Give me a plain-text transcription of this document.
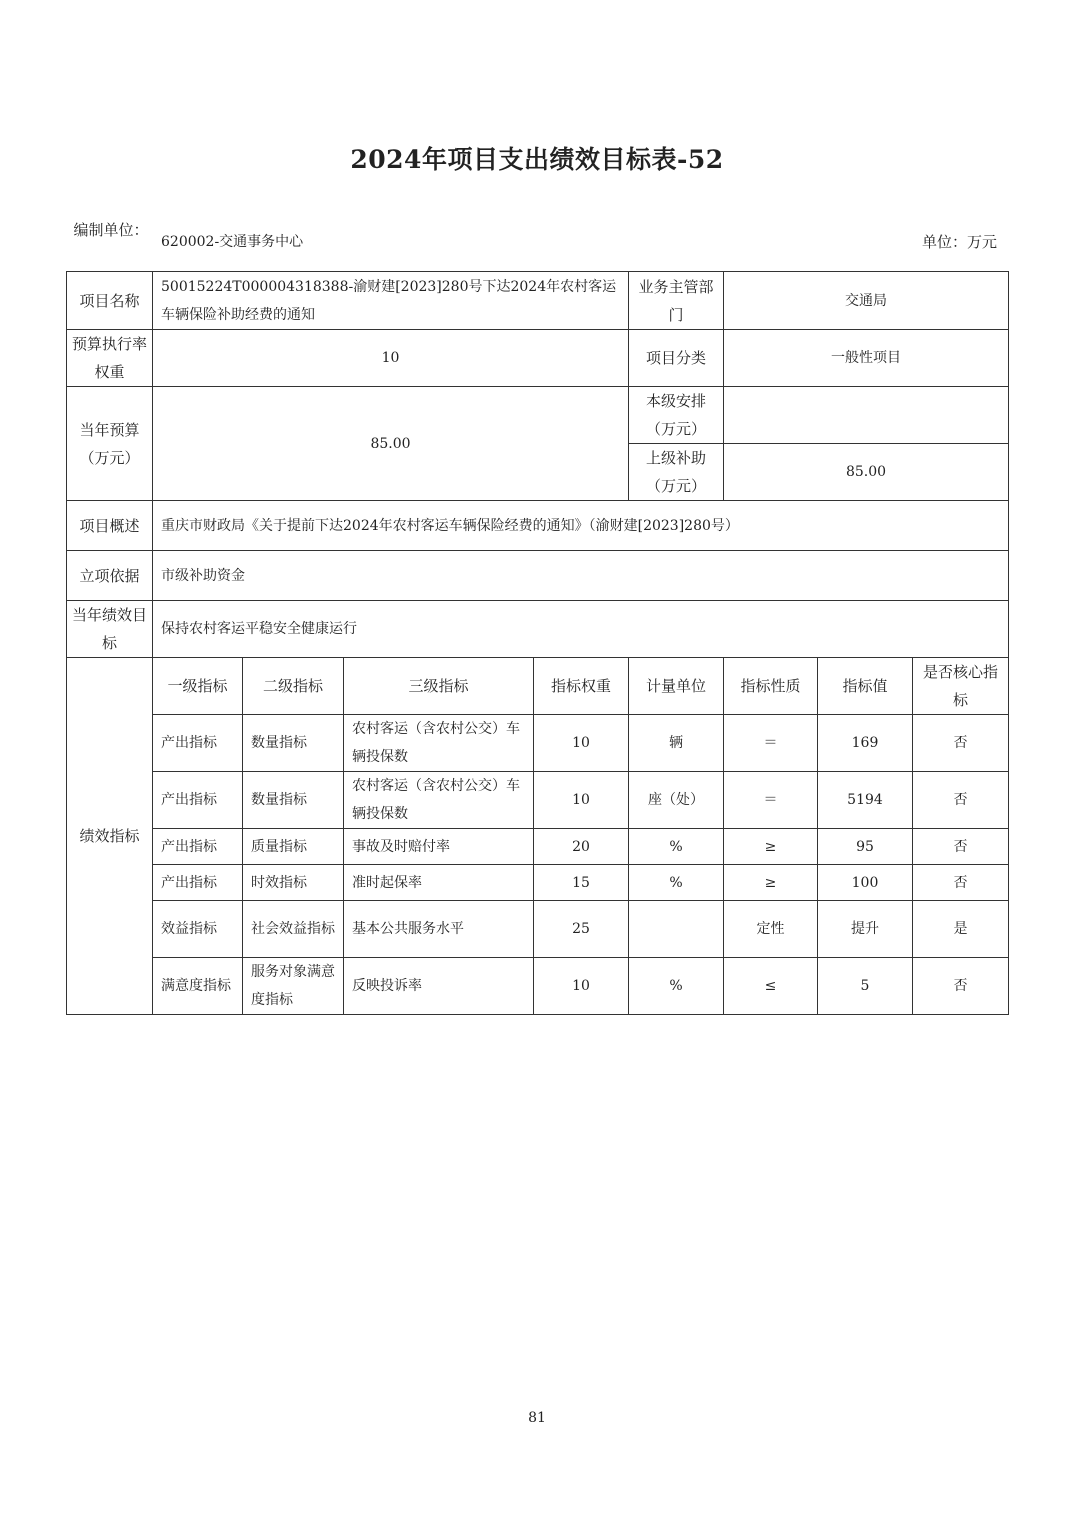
2024年项目支出绩效目标表-52
编制单位：
620002-交通事务中心	单位：万元
项目名称	50015224T000004318388-渝财建[2023]280号下达2024年农村客运车辆保险补助经费的通知				业务主管部门	交通局		
预算执行率权重	10				项目分类	一般性项目		
当年预算（万元）	85.00				本级安排（万元）			
					上级补助（万元）	85.00		
项目概述	重庆市财政局《关于提前下达2024年农村客运车辆保险经费的通知》（渝财建[2023]280号）							
立项依据	市级补助资金							
当年绩效目标	保持农村客运平稳安全健康运行							
绩效指标	一级指标	二级指标	三级指标	指标权重	计量单位	指标性质	指标值	是否核心指标
	产出指标	数量指标	农村客运（含农村公交）车辆投保数	10	辆	＝	169	否
	产出指标	数量指标	农村客运（含农村公交）车辆投保数	10	座（处）	＝	5194	否
	产出指标	质量指标	事故及时赔付率	20	%	≥	95	否
	产出指标	时效指标	准时起保率	15	%	≥	100	否
	效益指标	社会效益指标	基本公共服务水平	25		定性	提升	是
	满意度指标	服务对象满意度指标	反映投诉率	10	%	≤	5	否
81
